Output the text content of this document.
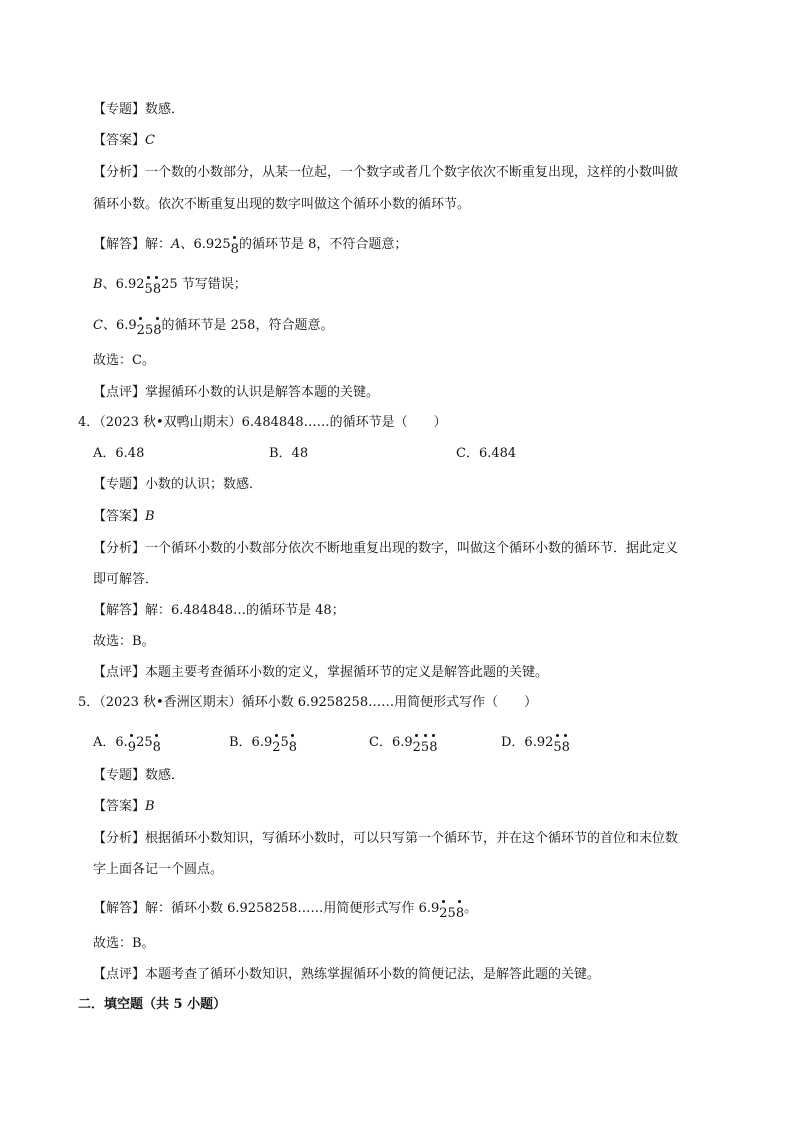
【专题】数感．
【答案】C
【分析】一个数的小数部分，从某一位起，一个数字或者几个数字依次不断重复出现，这样的小数叫做
循环小数。依次不断重复出现的数字叫做这个循环小数的循环节。
【解答】解：A、6.9258的循环节是 8，不符合题意；
B、6.925825 节写错误；
C、6.9258的循环节是 258，符合题意。
故选：C。
【点评】掌握循环小数的认识是解答本题的关键。
4．（2023 秋•双鸭山期末）6.484848……的循环节是（　　）
A．6.48	B．48	C．6.484
【专题】小数的认识；数感．
【答案】B
【分析】一个循环小数的小数部分依次不断地重复出现的数字，叫做这个循环小数的循环节．据此定义
即可解答．
【解答】解：6.484848…的循环节是 48；
故选：B。
【点评】本题主要考查循环小数的定义，掌握循环节的定义是解答此题的关键。
5．（2023 秋•香洲区期末）循环小数 6.9258258……用简便形式写作（　　）
A．6.9258	B．6.9258	C．6.9258	D．6.9258
【专题】数感．
【答案】B
【分析】根据循环小数知识，写循环小数时，可以只写第一个循环节，并在这个循环节的首位和末位数
字上面各记一个圆点。
【解答】解：循环小数 6.9258258……用简便形式写作 6.9258。
故选：B。
【点评】本题考查了循环小数知识，熟练掌握循环小数的简便记法，是解答此题的关键。
二．填空题（共 5 小题）
